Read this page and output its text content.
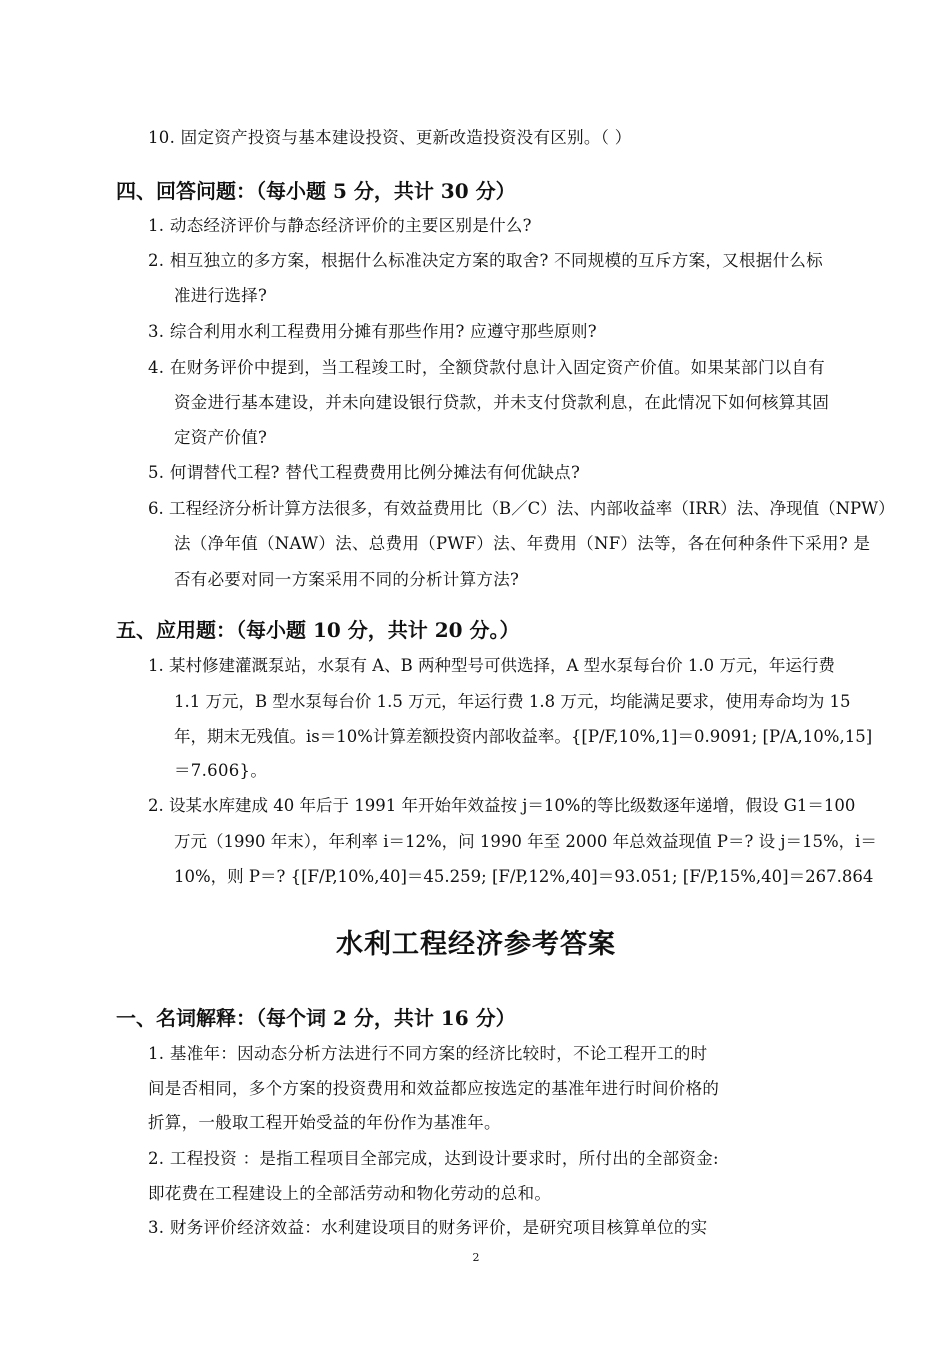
10. 固定资产投资与基本建设投资、更新改造投资没有区别。（ ）
四、回答问题：（每小题 5 分，共计 30 分）
1. 动态经济评价与静态经济评价的主要区别是什么?
2. 相互独立的多方案，根据什么标准决定方案的取舍? 不同规模的互斥方案，又根据什么标
准进行选择?
3. 综合利用水利工程费用分摊有那些作用? 应遵守那些原则?
4. 在财务评价中提到，当工程竣工时，全额贷款付息计入固定资产价值。如果某部门以自有
资金进行基本建设，并未向建设银行贷款，并未支付贷款利息，在此情况下如何核算其固
定资产价值?
5. 何谓替代工程? 替代工程费费用比例分摊法有何优缺点?
6. 工程经济分析计算方法很多，有效益费用比（B／C）法、内部收益率（IRR）法、净现值（NPW）
法（净年值（NAW）法、总费用（PWF）法、年费用（NF）法等，各在何种条件下采用? 是
否有必要对同一方案采用不同的分析计算方法?
五、应用题：（每小题 10 分，共计 20 分。）
1. 某村修建灌溉泵站，水泵有 A、B 两种型号可供选择，A 型水泵每台价 1.0 万元，年运行费
1.1 万元，B 型水泵每台价 1.5 万元，年运行费 1.8 万元，均能满足要求，使用寿命均为 15
年，期末无残值。is＝10%计算差额投资内部收益率。{[P/F,10%,1]＝0.9091; [P/A,10%,15]
＝7.606}。
2. 设某水库建成 40 年后于 1991 年开始年效益按 j＝10%的等比级数逐年递增，假设 G1＝100
万元（1990 年末），年利率 i＝12%，问 1990 年至 2000 年总效益现值 P＝? 设 j＝15%，i＝
10%，则 P＝? {[F/P,10%,40]＝45.259; [F/P,12%,40]＝93.051; [F/P,15%,40]＝267.864
水利工程经济参考答案
一、名词解释：（每个词 2 分，共计 16 分）
1. 基准年：因动态分析方法进行不同方案的经济比较时，不论工程开工的时
间是否相同，多个方案的投资费用和效益都应按选定的基准年进行时间价格的
折算，一般取工程开始受益的年份作为基准年。
2. 工程投资 ：是指工程项目全部完成，达到设计要求时，所付出的全部资金:
即花费在工程建设上的全部活劳动和物化劳动的总和。
3. 财务评价经济效益：水利建设项目的财务评价，是研究项目核算单位的实
2
